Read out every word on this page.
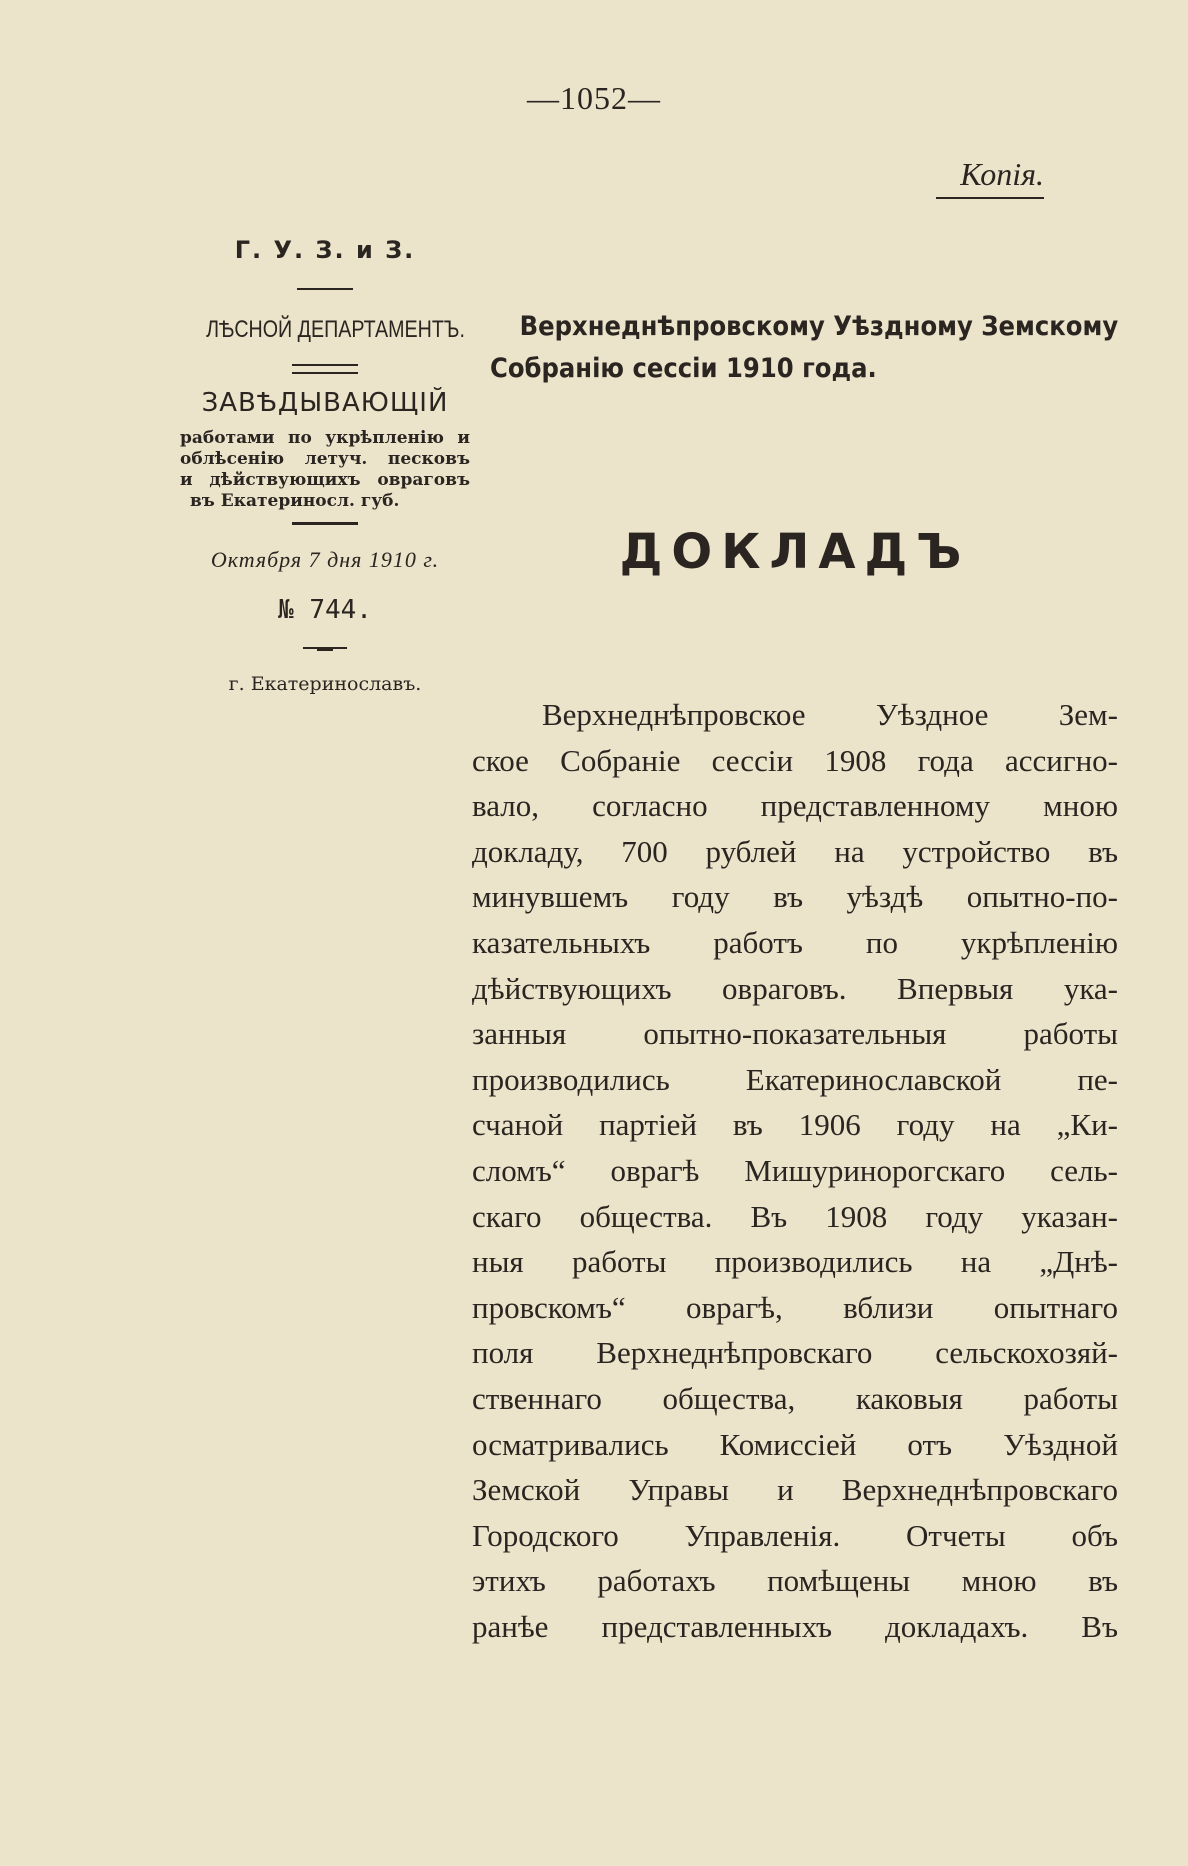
—1052—
Копія.

Г. У. З. и З.

ЛѢСНОЙ ДЕПАРТАМЕНТЪ.

ЗАВѢДЫВАЮЩІЙ

работами по укрѣпленію и
облѣсенію летуч. песковъ
и дѣйствующихъ овраговъ
въ Екатериносл. губ.

Октября 7 дня 1910 г.

№ 744.

г. Екатеринославъ.

Верхнеднѣпровскому Уѣздному Земскому
Собранію сессіи 1910 года.

ДОКЛАДЪ

Верхнеднѣпровское Уѣздное Зем-
ское Собраніе сессіи 1908 года ассигно-
вало, согласно представленному мною
докладу, 700 рублей на устройство въ
минувшемъ году въ уѣздѣ опытно-по-
казательныхъ работъ по укрѣпленію
дѣйствующихъ овраговъ. Впервыя ука-
занныя опытно-показательныя работы
производились Екатеринославской пе-
счаной партіей въ 1906 году на „Ки-
сломъ“ оврагѣ Мишуринорогскаго сель-
скаго общества. Въ 1908 году указан-
ныя работы производились на „Днѣ-
провскомъ“ оврагѣ, вблизи опытнаго
поля Верхнеднѣпровскаго сельскохозяй-
ственнаго общества, каковыя работы
осматривались Комиссіей отъ Уѣздной
Земской Управы и Верхнеднѣпровскаго
Городского Управленія. Отчеты объ
этихъ работахъ помѣщены мною въ
ранѣе представленныхъ докладахъ. Въ
